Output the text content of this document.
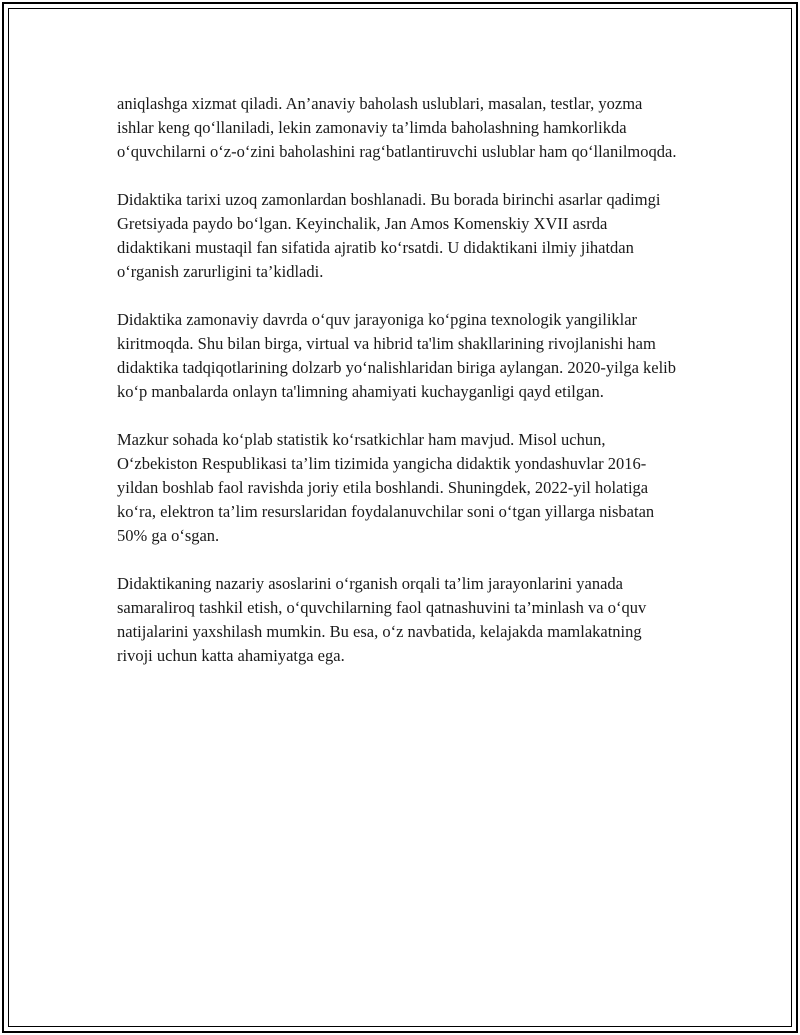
aniqlashga xizmat qiladi. An’anaviy baholash uslublari, masalan, testlar, yozma ishlar keng qo‘llaniladi, lekin zamonaviy ta’limda baholashning hamkorlikda o‘quvchilarni o‘z-o‘zini baholashini rag‘batlantiruvchi uslublar ham qo‘llanilmoqda.

Didaktika tarixi uzoq zamonlardan boshlanadi. Bu borada birinchi asarlar qadimgi Gretsiyada paydo bo‘lgan. Keyinchalik, Jan Amos Komenskiy XVII asrda didaktikani mustaqil fan sifatida ajratib ko‘rsatdi. U didaktikani ilmiy jihatdan o‘rganish zarurligini ta’kidladi.

Didaktika zamonaviy davrda o‘quv jarayoniga ko‘pgina texnologik yangiliklar kiritmoqda. Shu bilan birga, virtual va hibrid ta'lim shakllarining rivojlanishi ham didaktika tadqiqotlarining dolzarb yo‘nalishlaridan biriga aylangan. 2020-yilga kelib ko‘p manbalarda onlayn ta'limning ahamiyati kuchayganligi qayd etilgan.

Mazkur sohada ko‘plab statistik ko‘rsatkichlar ham mavjud. Misol uchun, O‘zbekiston Respublikasi ta’lim tizimida yangicha didaktik yondashuvlar 2016-yildan boshlab faol ravishda joriy etila boshlandi. Shuningdek, 2022-yil holatiga ko‘ra, elektron ta’lim resurslaridan foydalanuvchilar soni o‘tgan yillarga nisbatan 50% ga o‘sgan.

Didaktikaning nazariy asoslarini o‘rganish orqali ta’lim jarayonlarini yanada samaraliroq tashkil etish, o‘quvchilarning faol qatnashuvini ta’minlash va o‘quv natijalarini yaxshilash mumkin. Bu esa, o‘z navbatida, kelajakda mamlakatning rivoji uchun katta ahamiyatga ega.
